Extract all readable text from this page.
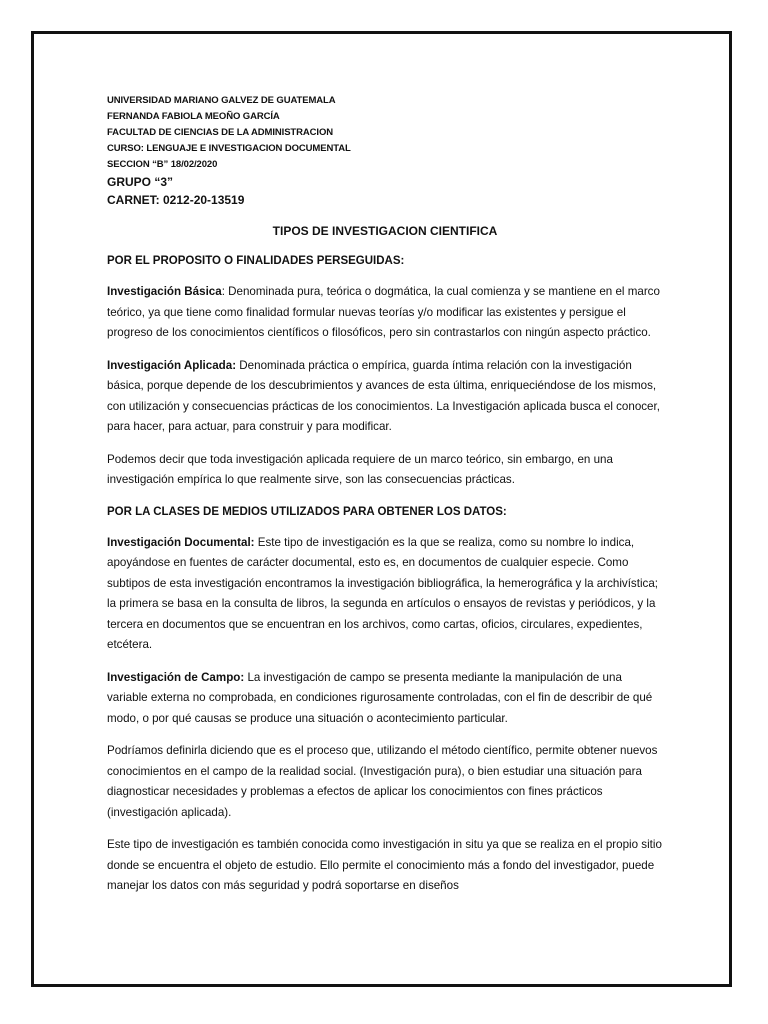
UNIVERSIDAD MARIANO GALVEZ DE GUATEMALA
FERNANDA FABIOLA MEOÑO GARCÍA
FACULTAD DE CIENCIAS DE LA ADMINISTRACION
CURSO: LENGUAJE E INVESTIGACION DOCUMENTAL
SECCION “B” 18/02/2020
GRUPO “3”
CARNET: 0212-20-13519
TIPOS DE INVESTIGACION CIENTIFICA
POR EL PROPOSITO O FINALIDADES PERSEGUIDAS:

Investigación Básica: Denominada pura, teórica o dogmática, la cual comienza y se mantiene en el marco teórico, ya que tiene como finalidad formular nuevas teorías y/o modificar las existentes y persigue el progreso de los conocimientos científicos o filosóficos, pero sin contrastarlos con ningún aspecto práctico.

Investigación Aplicada: Denominada práctica o empírica, guarda íntima relación con la investigación básica, porque depende de los descubrimientos y avances de esta última, enriqueciéndose de los mismos, con utilización y consecuencias prácticas de los conocimientos. La Investigación aplicada busca el conocer, para hacer, para actuar, para construir y para modificar.

Podemos decir que toda investigación aplicada requiere de un marco teórico, sin embargo, en una investigación empírica lo que realmente sirve, son las consecuencias prácticas.

POR LA CLASES DE MEDIOS UTILIZADOS PARA OBTENER LOS DATOS:

Investigación Documental: Este tipo de investigación es la que se realiza, como su nombre lo indica, apoyándose en fuentes de carácter documental, esto es, en documentos de cualquier especie. Como subtipos de esta investigación encontramos la investigación bibliográfica, la hemerográfica y la archivística; la primera se basa en la consulta de libros, la segunda en artículos o ensayos de revistas y periódicos, y la tercera en documentos que se encuentran en los archivos, como cartas, oficios, circulares, expedientes, etcétera.

Investigación de Campo: La investigación de campo se presenta mediante la manipulación de una variable externa no comprobada, en condiciones rigurosamente controladas, con el fin de describir de qué modo, o por qué causas se produce una situación o acontecimiento particular.

Podríamos definirla diciendo que es el proceso que, utilizando el método científico, permite obtener nuevos conocimientos en el campo de la realidad social. (Investigación pura), o bien estudiar una situación para diagnosticar necesidades y problemas a efectos de aplicar los conocimientos con fines prácticos (investigación aplicada).

Este tipo de investigación es también conocida como investigación in situ ya que se realiza en el propio sitio donde se encuentra el objeto de estudio. Ello permite el conocimiento más a fondo del investigador, puede manejar los datos con más seguridad y podrá soportarse en diseños
